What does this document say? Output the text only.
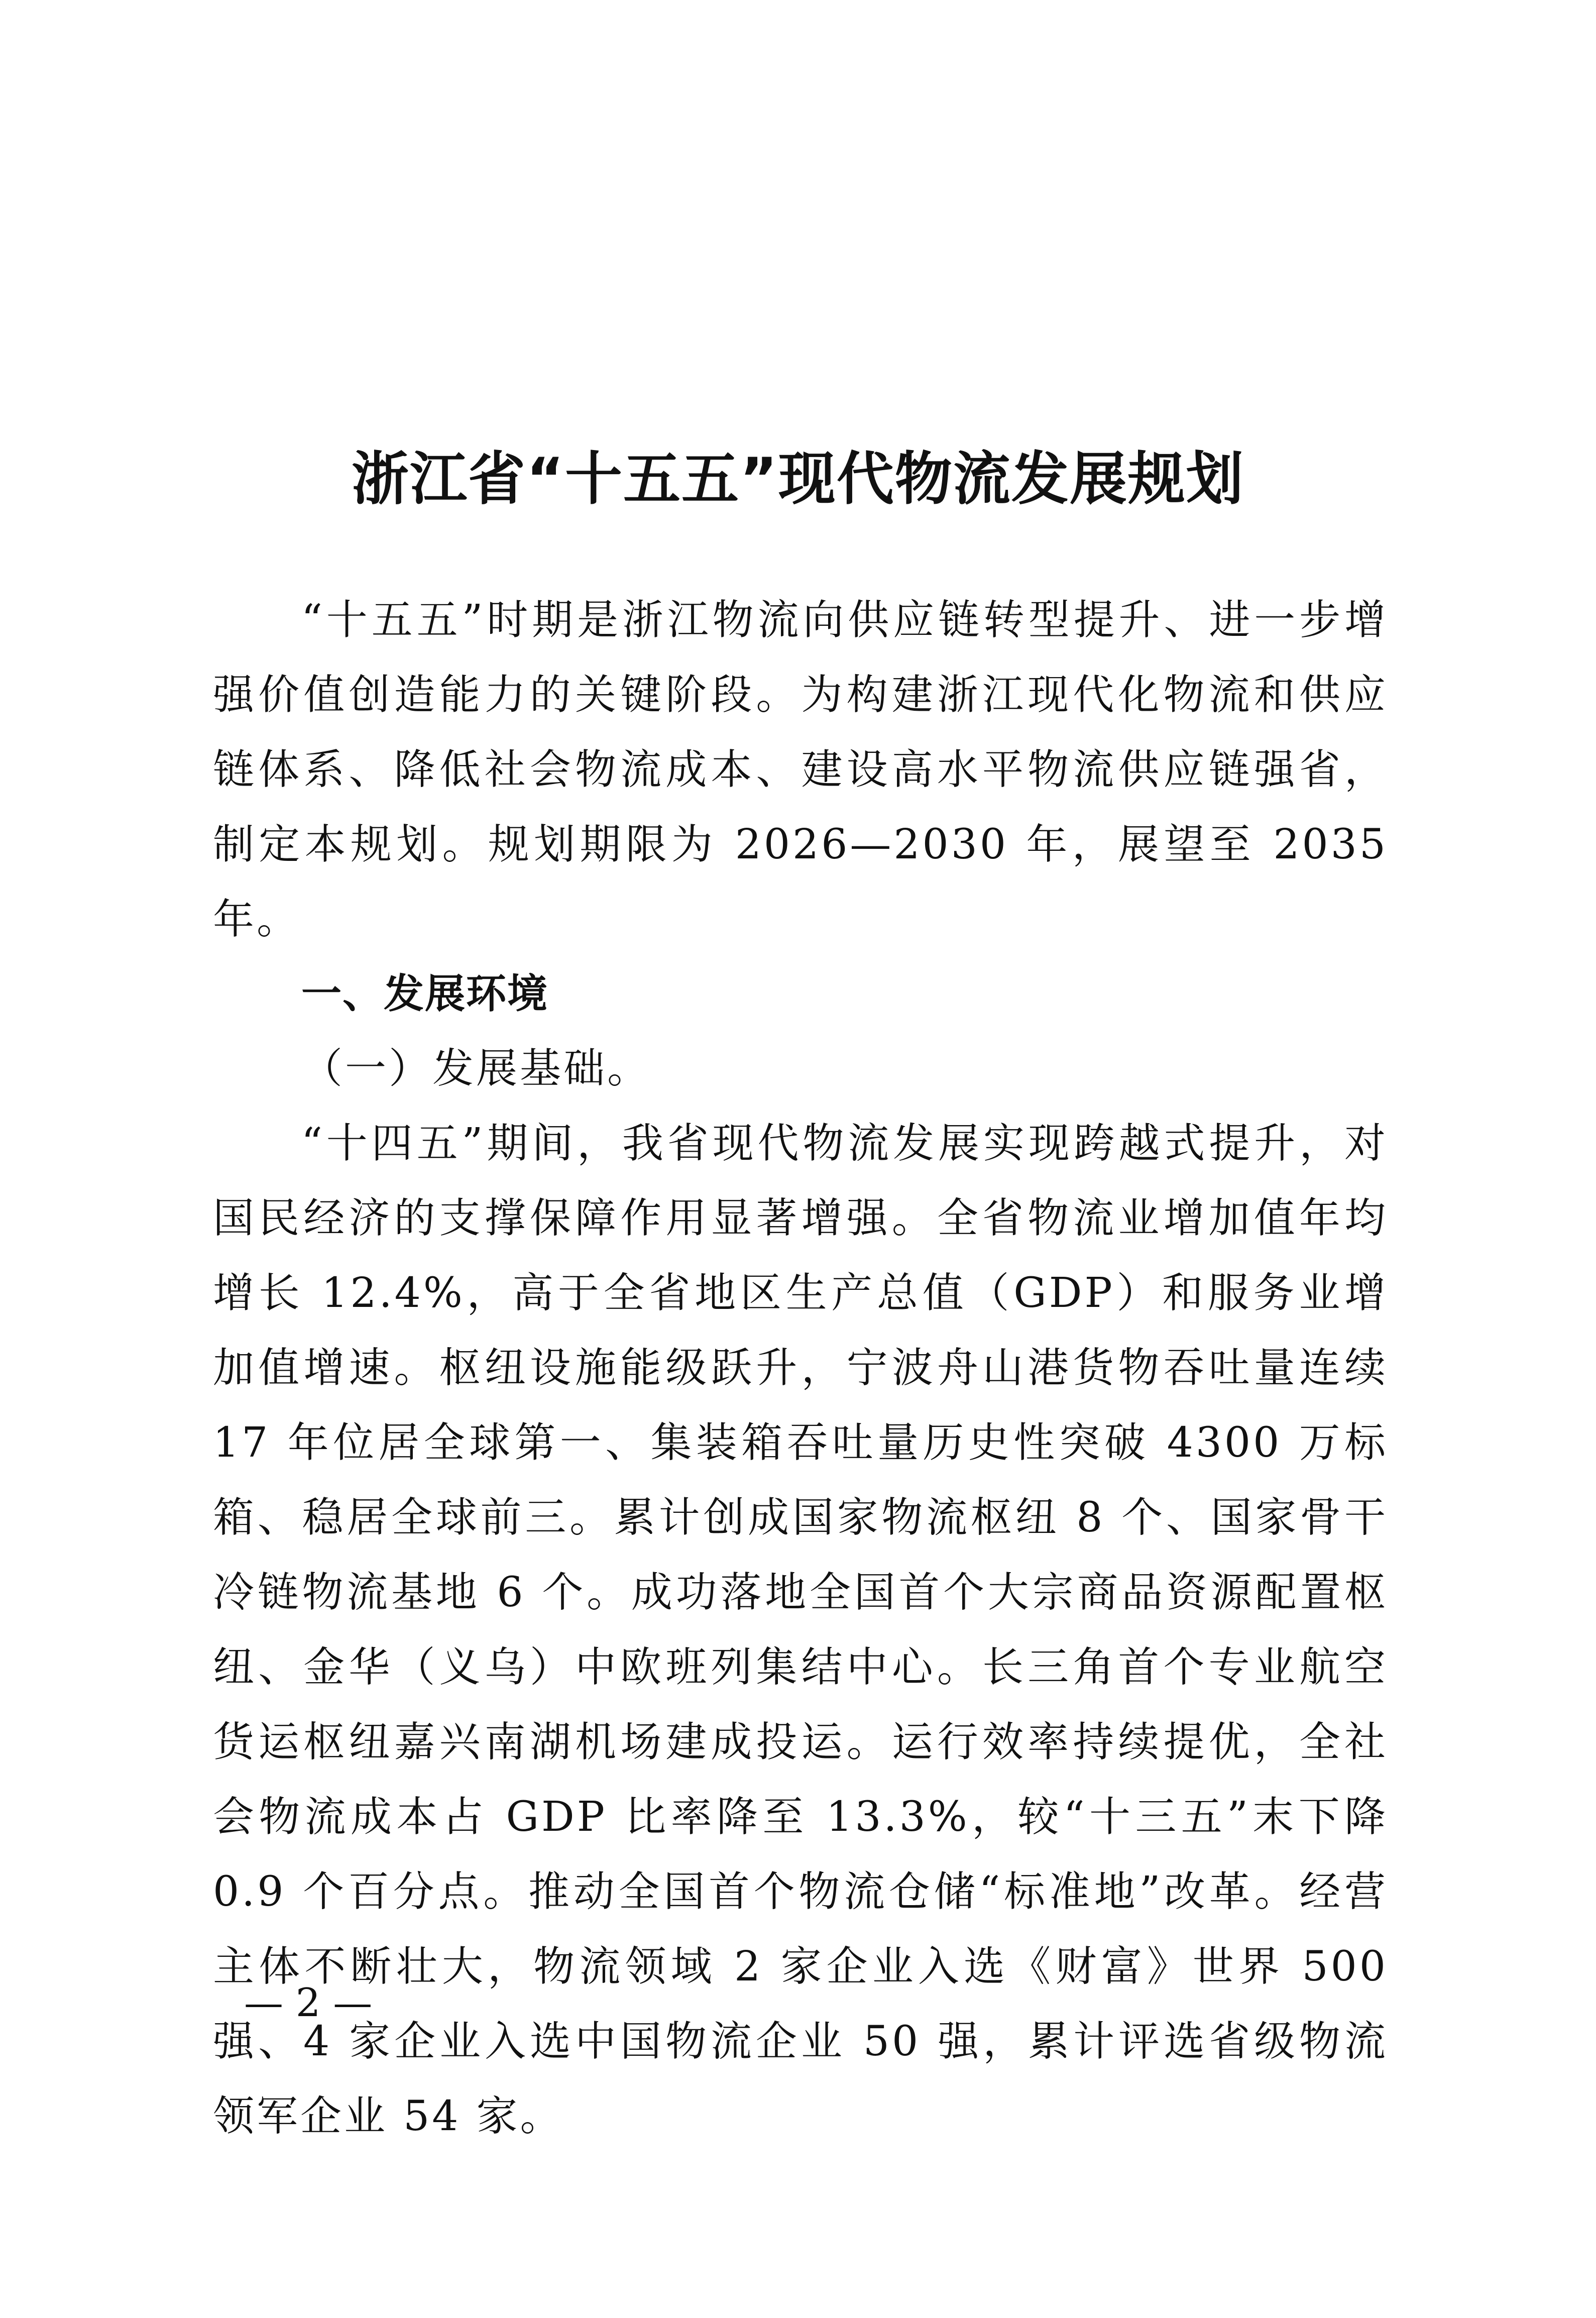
浙江省“十五五”现代物流发展规划

“十五五”时期是浙江物流向供应链转型提升、进一步增强价值创造能力的关键阶段。为构建浙江现代化物流和供应链体系、降低社会物流成本、建设高水平物流供应链强省，制定本规划。规划期限为 2026—2030 年，展望至 2035 年。

一、发展环境

（一）发展基础。

“十四五”期间，我省现代物流发展实现跨越式提升，对国民经济的支撑保障作用显著增强。全省物流业增加值年均增长 12.4%，高于全省地区生产总值（GDP）和服务业增加值增速。枢纽设施能级跃升，宁波舟山港货物吞吐量连续 17 年位居全球第一、集装箱吞吐量历史性突破 4300 万标箱、稳居全球前三。累计创成国家物流枢纽 8 个、国家骨干冷链物流基地 6 个。成功落地全国首个大宗商品资源配置枢纽、金华（义乌）中欧班列集结中心。长三角首个专业航空货运枢纽嘉兴南湖机场建成投运。运行效率持续提优，全社会物流成本占 GDP 比率降至 13.3%，较“十三五”末下降 0.9 个百分点。推动全国首个物流仓储“标准地”改革。经营主体不断壮大，物流领域 2 家企业入选《财富》世界 500 强、4 家企业入选中国物流企业 50 强，累计评选省级物流领军企业 54 家。

— 2 —
